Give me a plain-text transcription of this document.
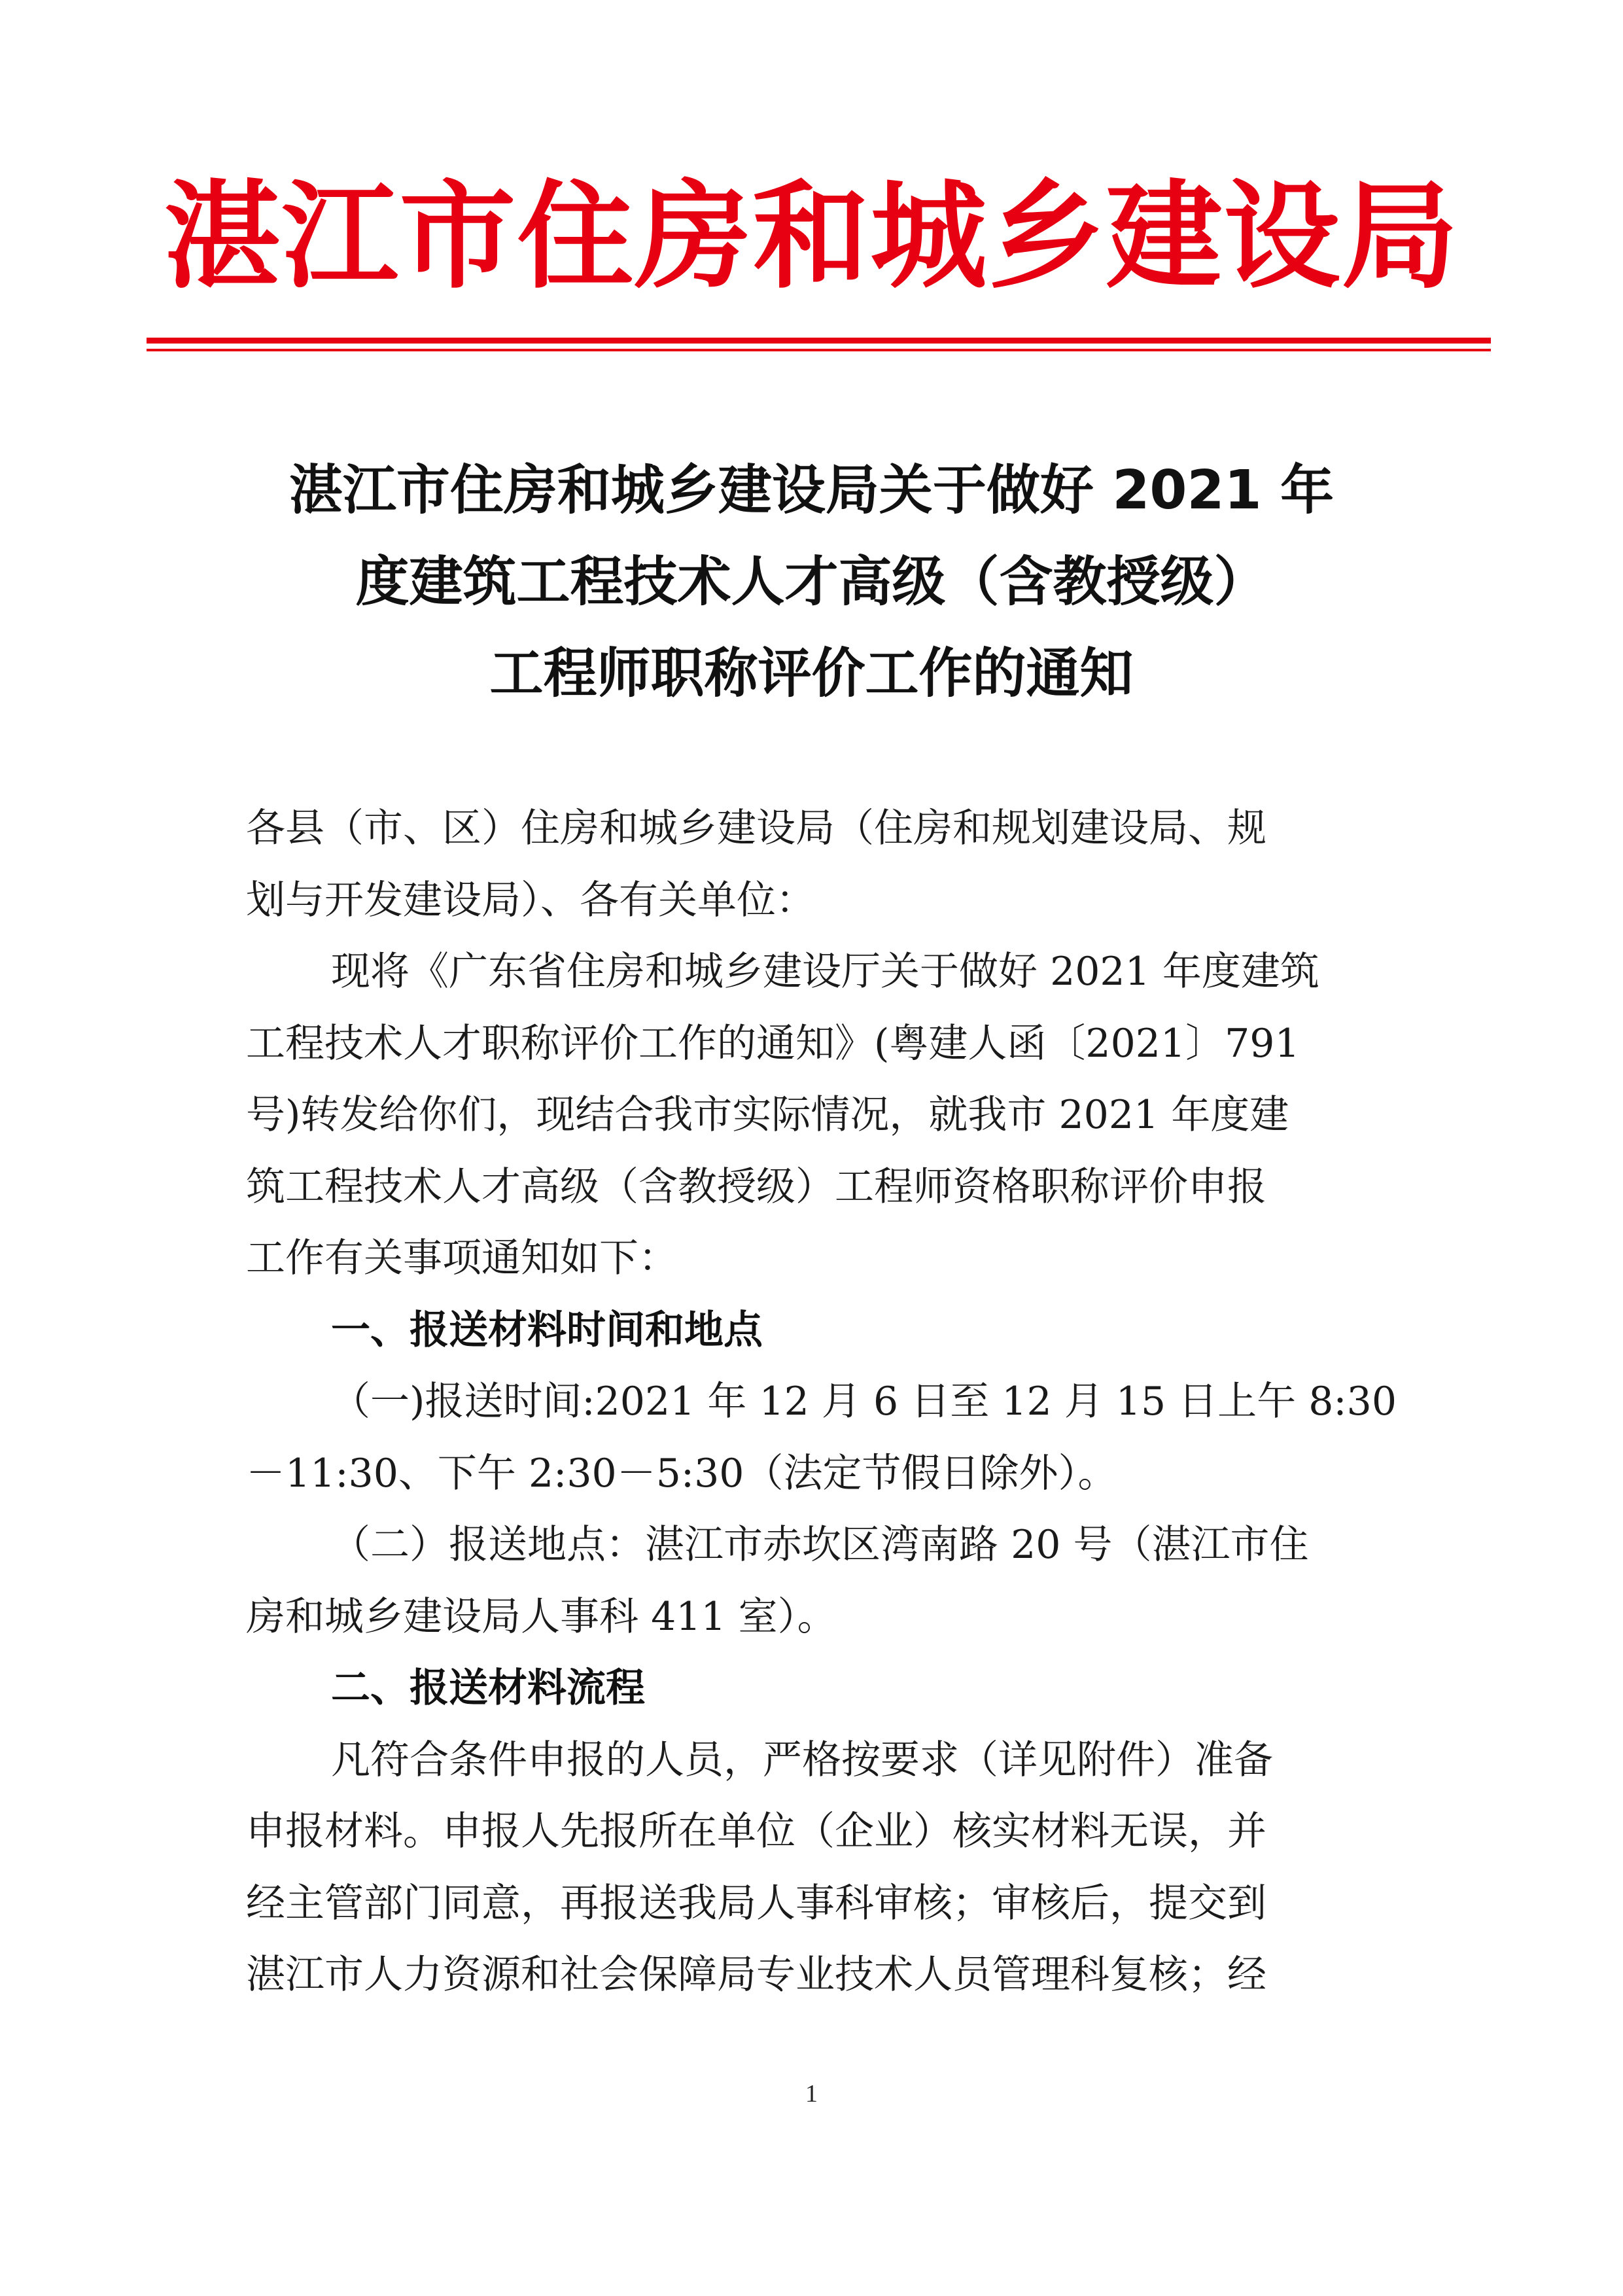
湛江市住房和城乡建设局
湛江市住房和城乡建设局关于做好 2021 年
度建筑工程技术人才高级（含教授级）
工程师职称评价工作的通知
各县（市、区）住房和城乡建设局（住房和规划建设局、规
划与开发建设局）、各有关单位：
现将《广东省住房和城乡建设厅关于做好 2021 年度建筑
工程技术人才职称评价工作的通知》(粤建人函〔2021〕791
号)转发给你们，现结合我市实际情况，就我市 2021 年度建
筑工程技术人才高级（含教授级）工程师资格职称评价申报
工作有关事项通知如下：
一、报送材料时间和地点
（一)报送时间:2021 年 12 月 6 日至 12 月 15 日上午 8:30
－11:30、下午 2:30－5:30（法定节假日除外）。
（二）报送地点：湛江市赤坎区湾南路 20 号（湛江市住
房和城乡建设局人事科 411 室）。
二、报送材料流程
凡符合条件申报的人员，严格按要求（详见附件）准备
申报材料。申报人先报所在单位（企业）核实材料无误，并
经主管部门同意，再报送我局人事科审核；审核后，提交到
湛江市人力资源和社会保障局专业技术人员管理科复核；经
1
